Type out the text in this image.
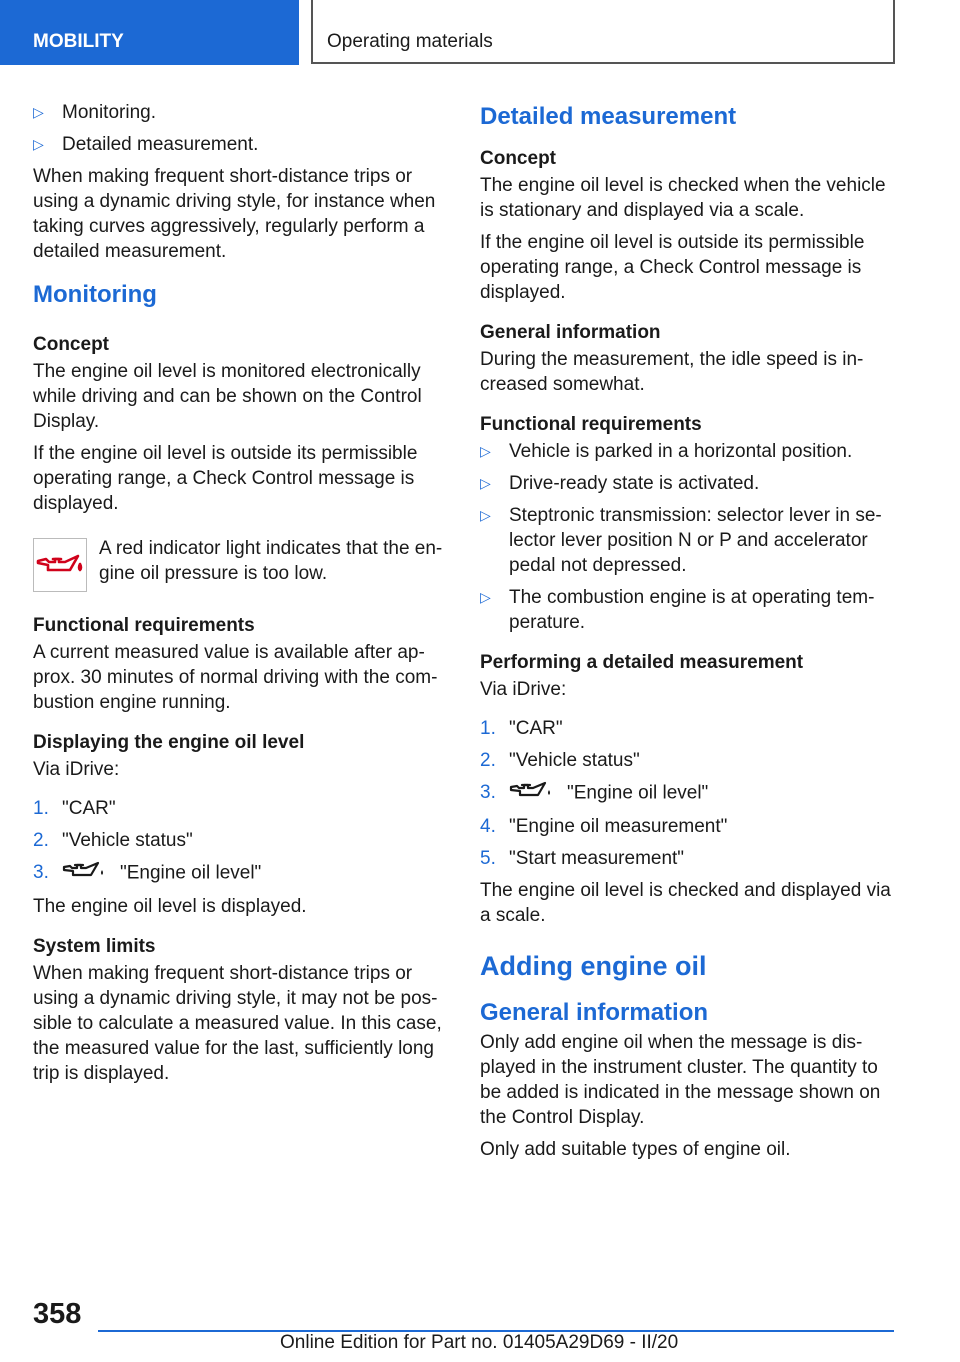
MOBILITY	Operating materials
▷ Monitoring.
▷ Detailed measurement.

When making frequent short-distance trips or using a dynamic driving style, for instance when taking curves aggressively, regularly perform a detailed measurement.

Monitoring
Concept

The engine oil level is monitored electronically while driving and can be shown on the Control Display.

If the engine oil level is outside its permissible operating range, a Check Control message is displayed.

A red indicator light indicates that the en‐gine oil pressure is too low.
Functional requirements

A current measured value is available after ap‐prox. 30 minutes of normal driving with the com‐bustion engine running.

Displaying the engine oil level

Via iDrive:

1. "CAR"
2. "Vehicle status"
3.	"Engine oil level"

The engine oil level is displayed.

System limits

When making frequent short-distance trips or using a dynamic driving style, it may not be pos‐sible to calculate a measured value. In this case, the measured value for the last, sufficiently long trip is displayed.

Detailed measurement
Concept

The engine oil level is checked when the vehicle is stationary and displayed via a scale.

If the engine oil level is outside its permissible operating range, a Check Control message is displayed.

General information

During the measurement, the idle speed is in‐creased somewhat.

Functional requirements
▷ Vehicle is parked in a horizontal position.
▷ Drive-ready state is activated.
▷ Steptronic transmission: selector lever in se‐lector lever position N or P and accelerator pedal not depressed.
▷ The combustion engine is at operating tem‐perature.
Performing a detailed measurement

Via iDrive:

1. "CAR"
2. "Vehicle status"
3.	"Engine oil level"
4. "Engine oil measurement"
5. "Start measurement"

The engine oil level is checked and displayed via a scale.

Adding engine oil
General information

Only add engine oil when the message is dis‐played in the instrument cluster. The quantity to be added is indicated in the message shown on the Control Display.

Only add suitable types of engine oil.

358
Online Edition for Part no. 01405A29D69 - II/20
